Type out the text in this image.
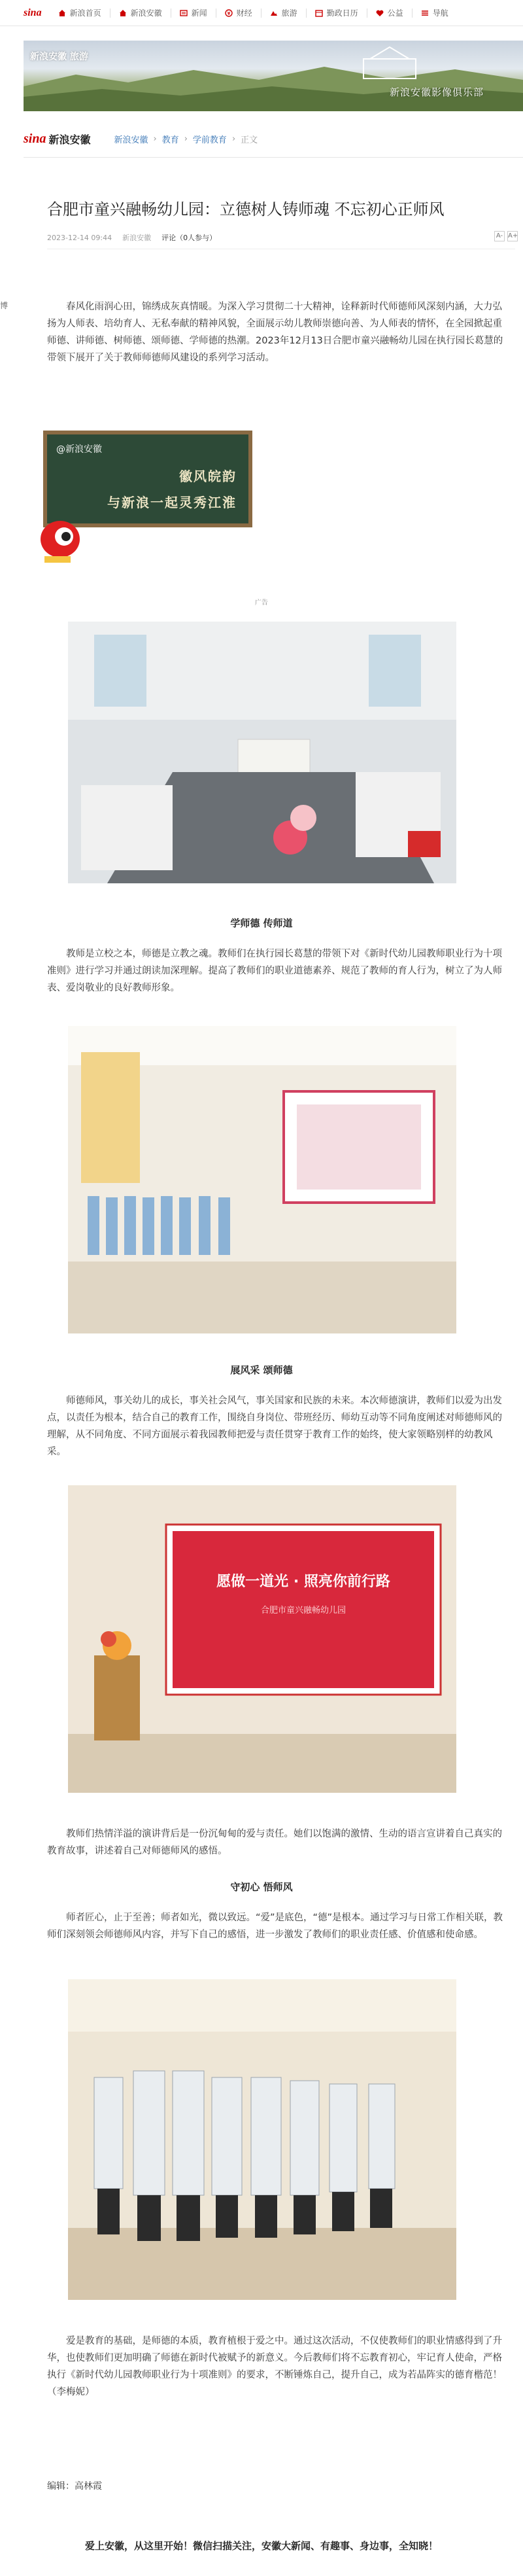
sina	新浪首页	新浪安徽	新闻	财经	旅游	勤政日历	公益	导航
新浪安徽 旅游
新浪安徽影像俱乐部
sina 新浪安徽	新浪安徽 › 教育 › 学前教育 › 正文
合肥市童兴融畅幼儿园：立德树人铸师魂 不忘初心正师风
2023-12-14 09:44 新浪安徽 评论（0人参与）	A- A+
博	春风化雨润心田，锦绣成灰真情暖。为深入学习贯彻二十大精神，诠释新时代师德师风深刻内涵，大力弘扬为人师表、培幼育人、无私奉献的精神风貌，全面展示幼儿教师崇德向善、为人师表的情怀，在全园掀起重师德、讲师德、树师德、颂师德、学师德的热潮。2023年12月13日合肥市童兴融畅幼儿园在执行园长葛慧的带领下展开了关于教师师德师风建设的系列学习活动。

@新浪安徽
徽风皖韵
与新浪一起灵秀江淮
广告
学师德 传师道

教师是立校之本，师德是立教之魂。教师们在执行园长葛慧的带领下对《新时代幼儿园教师职业行为十项准则》进行学习并通过朗读加深理解。提高了教师们的职业道德素养、规范了教师的育人行为，树立了为人师表、爱岗敬业的良好教师形象。

展风采 颂师德

师德师风，事关幼儿的成长，事关社会风气，事关国家和民族的未来。本次师德演讲，教师们以爱为出发点，以责任为根本，结合自己的教育工作，围绕自身岗位、带班经历、师幼互动等不同角度阐述对师德师风的理解，从不同角度、不同方面展示着我园教师把爱与责任贯穿于教育工作的始终，使大家领略别样的幼教风采。

愿做一道光 · 照亮你前行路
合肥市童兴融畅幼儿园

教师们热情洋溢的演讲背后是一份沉甸甸的爱与责任。她们以饱满的激情、生动的语言宣讲着自己真实的教育故事，讲述着自己对师德师风的感悟。

守初心 悟师风

师者匠心，止于至善；师者如光，微以致远。“爱”是底色，“德”是根本。通过学习与日常工作相关联，教师们深刻领会师德师风内容，并写下自己的感悟，进一步激发了教师们的职业责任感、价值感和使命感。

爱是教育的基础，是师德的本质，教育植根于爱之中。通过这次活动，不仅使教师们的职业情感得到了升华，也使教师们更加明确了师德在新时代被赋予的新意义。今后教师们将不忘教育初心，牢记育人使命，严格执行《新时代幼儿园教师职业行为十项准则》的要求，不断锤炼自己，提升自己，成为若晶阵实的德育楷范！（李梅妮）

编辑：高林霞
爱上安徽，从这里开始！微信扫描关注，安徽大新闻、有趣事、身边事，全知晓！
